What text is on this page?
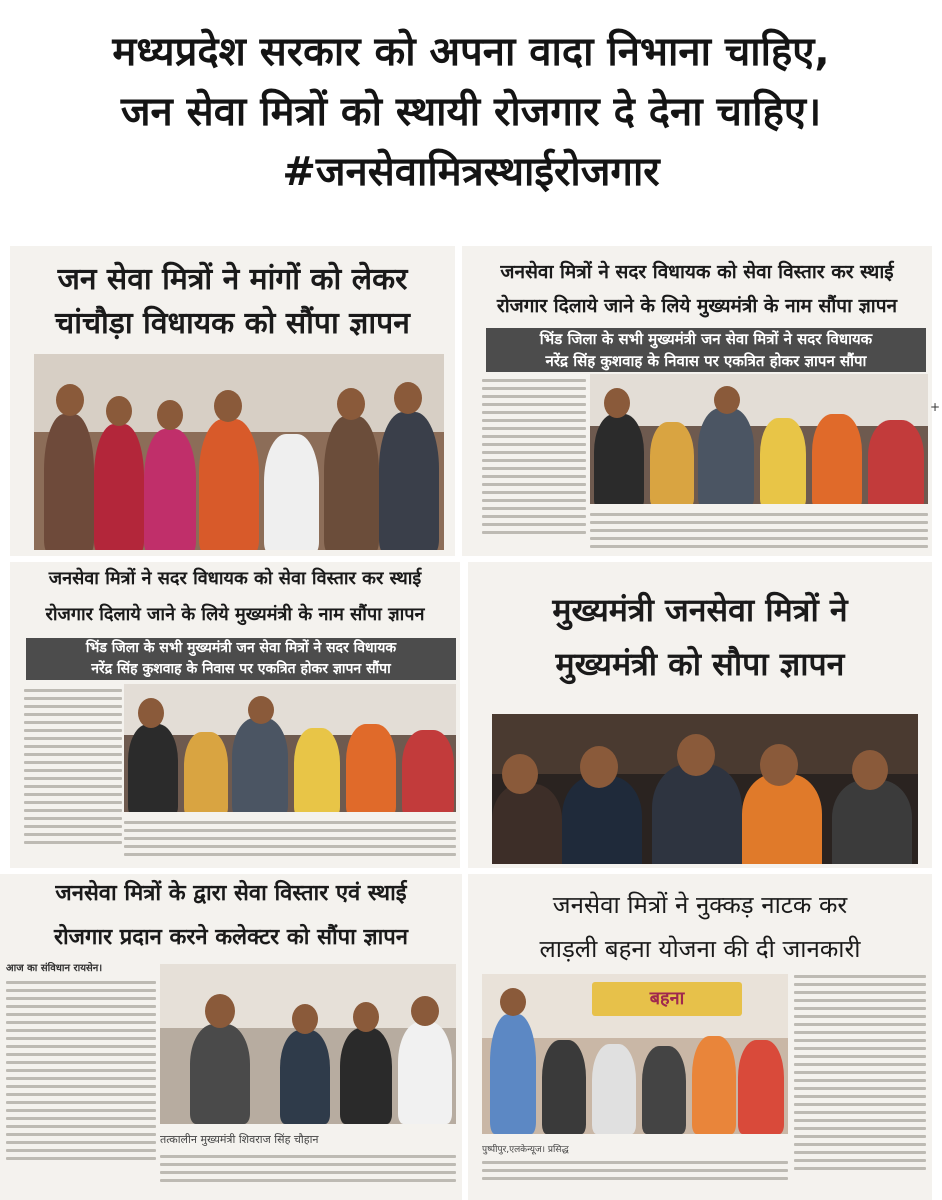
मध्यप्रदेश सरकार को अपना वादा निभाना चाहिए,
जन सेवा मित्रों को स्थायी रोजगार दे देना चाहिए।
#जनसेवामित्रस्थाईरोजगार
जन सेवा मित्रों ने मांगों को लेकर
चांचौड़ा विधायक को सौंपा ज्ञापन
जनसेवा मित्रों ने सदर विधायक को सेवा विस्तार कर स्थाई
रोजगार दिलाये जाने के लिये मुख्यमंत्री के नाम सौंपा ज्ञापन
भिंड जिला के सभी मुख्यमंत्री जन सेवा मित्रों ने सदर विधायक
नरेंद्र सिंह कुशवाह के निवास पर एकत्रित होकर ज्ञापन सौंपा
+
जनसेवा मित्रों ने सदर विधायक को सेवा विस्तार कर स्थाई
रोजगार दिलाये जाने के लिये मुख्यमंत्री के नाम सौंपा ज्ञापन
भिंड जिला के सभी मुख्यमंत्री जन सेवा मित्रों ने सदर विधायक
नरेंद्र सिंह कुशवाह के निवास पर एकत्रित होकर ज्ञापन सौंपा
मुख्यमंत्री जनसेवा मित्रों ने
मुख्यमंत्री को सौपा ज्ञापन
जनसेवा मित्रों के द्वारा सेवा विस्तार एवं स्थाई
रोजगार प्रदान करने कलेक्टर को सौंपा ज्ञापन
आज का संविधान रायसेन।
तत्कालीन मुख्यमंत्री शिवराज सिंह चौहान
जनसेवा मित्रों ने नुक्कड़ नाटक कर
लाड़ली बहना योजना की दी जानकारी
बहना
पुष्पीपुर,एलकेन्यूज। प्रसिद्ध
